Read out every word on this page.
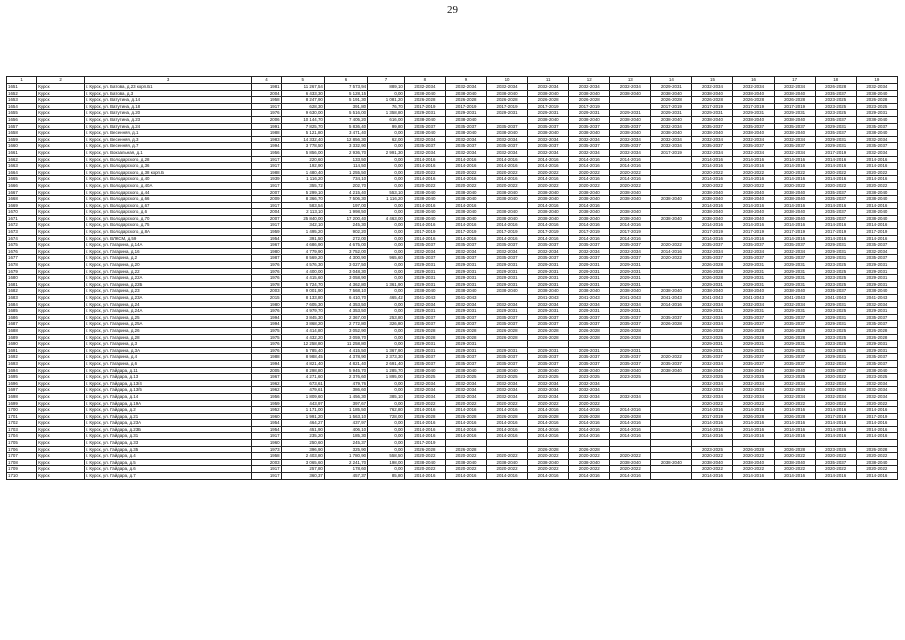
29
1	2	3	4	5	6	7	8	9	10	11	12	13	14	15	16	17	18	19
1651	Курск	г. Курск, ул. Батова, д.23 корп.Б1	1981	11 267,54	7 573,94	889,10	2032-2034	2032-2034	2032-2034	2032-2034	2032-2034	2032-2034	2029-2031	2032-2034	2032-2034	2032-2034	2026-2028	2032-2034
1652	Курск	г. Курск, ул. Батова, д.3	2004	6 433,30	5 128,15	0,00	2038-2040	2038-2040	2038-2040	2038-2040	2038-2040	2038-2040	2038-2040	2038-2040	2038-2040	2038-2040	2035-2037	2038-2040
1653	Курск	г. Курск, ул. Ватутина, д.14	1958	8 247,90	5 191,30	1 081,20	2026-2028	2026-2028	2026-2028	2026-2028	2026-2028		2026-2028	2026-2028	2026-2028	2026-2028	2023-2025	2026-2028
1654	Курск	г. Курск, ул. Ватутина, д.18	1917	628,30	391,80	76,70	2017-2019	2017-2019	2017-2019	2017-2019	2017-2019		2017-2019	2017-2019	2017-2019	2017-2019	2023-2025	2023-2025
1655	Курск	г. Курск, ул. Ватутина, д.20	1976	9 630,00	5 516,00	1 358,80	2029-2031	2029-2031	2029-2031	2029-2031	2029-2031	2029-2031	2029-2031	2029-2031	2029-2031	2029-2031	2023-2025	2029-2031
1656	Курск	г. Курск, ул. Ватутина, д.23	2006	10 144,70	7 405,20	616,00	2038-2040	2038-2040		2038-2040	2038-2040	2038-2040	2038-2040	2038-2040	2038-2040	2038-2040	2035-2037	2038-2040
1657	Курск	г. Курск, ул. Ватутина, д.24	1991	7 825,70	5 836,40	99,80	2035-2037	2035-2037	2035-2037	2035-2037	2035-2037	2035-2037	2032-2034	2035-2037	2035-2037	2035-2037	2029-2031	2035-2037
1658	Курск	г. Курск, ул. Весенняя, д.1	1988	5 121,80	3 471,40	0,00	2038-2040	2038-2040	2038-2040	2038-2040	2038-2040	2038-2040	2038-2040	2038-2040	2038-2040	2038-2040	2035-2037	2038-2040
1659	Курск	г. Курск, ул. Весенняя, д.3	1983	14 332,40	12 856,30	62,00	2032-2034	2032-2034	2032-2034	2032-2034	2032-2034	2032-2034	2032-2034	2032-2034	2032-2034	2032-2034	2029-2031	2032-2034
1660	Курск	г. Курск, ул. Весенняя, д.7	1994	3 778,50	3 332,90	0,00	2035-2037	2035-2037	2035-2037	2035-2037	2035-2037	2035-2037	2032-2034	2035-2037	2035-2037	2035-2037	2029-2031	2035-2037
1661	Курск	г. Курск, ул. Вокзальная, д.1	1956	5 856,00	2 936,70	2 991,30	2032-2034	2032-2034	2032-2034	2032-2034	2032-2034	2032-2034	2017-2019	2032-2034	2032-2034	2032-2034	2017-2019	2032-2034
1662	Курск	г. Курск, ул. Володарского, д.28	1917	220,60	133,50	0,00	2014-2016	2014-2016	2014-2016	2014-2016	2014-2016	2014-2016		2014-2016	2014-2016	2014-2016	2014-2016	2014-2016
1663	Курск	г. Курск, ул. Володарского, д.36	1917	192,90	114,50	0,00	2014-2016	2014-2016	2014-2016	2014-2016	2014-2016	2014-2016		2014-2016	2014-2016	2014-2016	2014-2016	2014-2016
1664	Курск	г. Курск, ул. Володарского, д.38 корп.Б	1988	1 480,40	1 255,50	0,00	2020-2022	2020-2022	2020-2022	2020-2022	2020-2022	2020-2022		2020-2022	2020-2022	2020-2022	2020-2022	2020-2022
1665	Курск	г. Курск, ул. Володарского, д.40	1939	1 116,20	734,10	0,00	2014-2016	2014-2016	2014-2016	2014-2016	2014-2016	2014-2016		2014-2016	2014-2016	2014-2016	2014-2016	2014-2016
1666	Курск	г. Курск, ул. Володарского, д.40А	1917	355,72	202,70	0,00	2020-2022	2020-2022	2020-2022	2020-2022	2020-2022	2020-2022		2020-2022	2020-2022	2020-2022	2020-2022	2020-2022
1667	Курск	г. Курск, ул. Володарского, д.44	2007	5 299,10	4 215,40	553,10	2038-2040	2038-2040	2038-2040	2038-2040	2038-2040	2038-2040		2038-2040	2038-2040	2038-2040	2035-2037	2038-2040
1668	Курск	г. Курск, ул. Володарского, д.66	2009	8 366,70	7 506,30	1 116,20	2038-2040	2038-2040	2038-2040	2038-2040	2038-2040	2038-2040	2038-2040	2038-2040	2038-2040	2038-2040	2035-2037	2038-2040
1669	Курск	г. Курск, ул. Володарского, д.67	1917	583,54	197,00	0,00	2014-2016	2014-2016		2014-2016	2014-2016			2014-2016	2014-2016	2014-2016	2014-2016	2014-2016
1670	Курск	г. Курск, ул. Володарского, д.6	2004	2 113,10	1 998,50	0,00	2038-2040	2038-2040	2038-2040	2038-2040	2038-2040	2038-2040		2038-2040	2038-2040	2038-2040	2035-2037	2038-2040
1671	Курск	г. Курск, ул. Володарского, д.70	2007	25 840,00	17 200,40	4 463,00	2038-2040	2038-2040	2038-2040	2038-2040	2038-2040	2038-2040	2038-2040	2038-2040	2038-2040	2038-2040	2035-2037	2038-2040
1672	Курск	г. Курск, ул. Володарского, д.75	1917	342,10	245,30	0,00	2014-2016	2014-2016	2014-2016	2014-2016	2014-2016	2014-2016		2014-2016	2014-2016	2014-2016	2014-2016	2014-2016
1673	Курск	г. Курск, ул. Володарского, д.8А	1959	1 495,20	902,20	0,00	2017-2019	2017-2019	2017-2019	2017-2019	2017-2019	2017-2019		2017-2019	2017-2019	2017-2019	2017-2019	2017-2019
1674	Курск	г. Курск, ул. ВЛКСМ, д.59	1954	391,50	272,00	0,00	2014-2016	2014-2016	2014-2016	2014-2016	2014-2016	2014-2016		2014-2016	2014-2016	2014-2016	2014-2016	2014-2016
1675	Курск	г. Курск, ул. Гагарина, д.14А	1967	4 686,90	4 675,00	0,00	2035-2037	2035-2037	2035-2037	2035-2037	2035-2037	2035-2037	2020-2022	2035-2037	2035-2037	2035-2037	2029-2031	2035-2037
1676	Курск	г. Курск, ул. Гагарина, д.16	1980	4 779,90	3 752,00	0,00	2032-2034	2032-2034	2032-2034	2032-2034	2032-2034	2032-2034	2014-2016	2032-2034	2032-2034	2032-2034	2029-2031	2032-2034
1677	Курск	г. Курск, ул. Гагарина, д.2	1987	8 569,20	4 300,90	965,60	2035-2037	2035-2037	2035-2037	2035-2037	2035-2037	2035-2037	2020-2022	2035-2037	2035-2037	2035-2037	2029-2031	2035-2037
1678	Курск	г. Курск, ул. Гагарина, д.20	1976	4 576,30	3 027,50	0,00	2029-2031	2029-2031	2029-2031	2029-2031	2029-2031	2029-2031		2026-2028	2029-2031	2029-2031	2023-2025	2029-2031
1679	Курск	г. Курск, ул. Гагарина, д.22	1976	4 400,00	3 048,30	0,00	2029-2031	2029-2031	2029-2031	2029-2031	2029-2031	2029-2031		2026-2028	2029-2031	2029-2031	2023-2025	2029-2031
1680	Курск	г. Курск, ул. Гагарина, д.22А	1976	4 415,60	3 058,90	0,00	2029-2031	2029-2031	2029-2031	2029-2031	2029-2031	2029-2031		2026-2028	2029-2031	2029-2031	2023-2025	2029-2031
1681	Курск	г. Курск, ул. Гагарина, д.22Б	1978	5 724,70	4 362,80	1 361,90	2029-2031	2029-2031	2029-2031	2029-2031	2029-2031	2029-2031		2029-2031	2029-2031	2029-2031	2023-2025	2029-2031
1682	Курск	г. Курск, ул. Гагарина, д.23	2003	9 001,90	7 568,10	0,00	2038-2040	2038-2040	2038-2040	2038-2040	2038-2040	2038-2040	2038-2040	2038-2040	2038-2040	2038-2040	2035-2037	2038-2040
1683	Курск	г. Курск, ул. Гагарина, д.23А	2015	8 133,80	6 410,70	465,42	2041-2043	2041-2043		2041-2043	2041-2043	2041-2043	2041-2043	2041-2043	2041-2043	2041-2043	2041-2043	2041-2043
1684	Курск	г. Курск, ул. Гагарина, д.24	1980	7 605,30	4 353,50	0,00	2032-2034	2032-2034	2032-2034	2032-2034	2032-2034	2032-2034	2014-2016	2032-2034	2032-2034	2032-2034	2029-2031	2032-2034
1685	Курск	г. Курск, ул. Гагарина, д.24А	1976	4 979,70	4 353,50	0,00	2029-2031	2029-2031	2029-2031	2029-2031	2029-2031	2029-2031		2029-2031	2029-2031	2029-2031	2023-2025	2029-2031
1686	Курск	г. Курск, ул. Гагарина, д.25	1994	3 845,30	2 367,00	253,80	2035-2037	2035-2037	2035-2037	2035-2037	2035-2037	2035-2037	2035-2037	2032-2034	2035-2037	2035-2037	2029-2031	2035-2037
1687	Курск	г. Курск, ул. Гагарина, д.25А	1994	3 868,20	2 772,80	326,80	2035-2037	2035-2037	2035-2037	2035-2037	2035-2037	2035-2037	2026-2028	2032-2034	2035-2037	2035-2037	2029-2031	2035-2037
1688	Курск	г. Курск, ул. Гагарина, д.26	1975	4 414,80	3 052,90	0,00	2026-2028	2026-2028	2026-2028	2026-2028	2026-2028	2026-2028		2026-2028	2026-2028	2026-2028	2023-2025	2026-2028
1689	Курск	г. Курск, ул. Гагарина, д.28	1975	4 432,20	3 059,70	0,00	2026-2028	2026-2028	2026-2028	2026-2028	2026-2028	2026-2028		2023-2025	2026-2028	2026-2028	2023-2025	2026-2028
1690	Курск	г. Курск, ул. Гагарина, д.3	1976	12 258,80	11 258,80	0,00	2029-2031	2029-2031						2029-2031	2029-2031	2029-2031	2023-2025	2029-2031
1691	Курск	г. Курск, ул. Гагарина, д.3А	1976	5 785,40	4 415,50	1 367,90	2029-2031	2029-2031	2029-2031	2029-2031	2029-2031	2029-2031		2029-2031	2029-2031	2029-2031	2023-2025	2029-2031
1692	Курск	г. Курск, ул. Гагарина, д.4	1988	8 988,45	4 378,90	2 373,30	2035-2037	2035-2037	2035-2037	2035-2037	2035-2037	2035-2037	2020-2022	2035-2037	2035-2037	2035-2037	2029-2031	2035-2037
1693	Курск	г. Курск, ул. Гагарина, д.6	1994	4 821,40	4 821,40	2 691,40	2035-2037	2035-2037	2035-2037	2035-2037	2035-2037	2035-2037	2035-2037	2032-2034	2035-2037	2035-2037	2032-2034	2035-2037
1694	Курск	г. Курск, ул. Гайдара, д.11	2005	8 298,80	5 945,70	1 285,70	2038-2040	2038-2040	2038-2040	2038-2040	2038-2040	2038-2040	2038-2040	2038-2040	2038-2040	2038-2040	2035-2037	2038-2040
1695	Курск	г. Курск, ул. Гайдара, д.13	1967	4 271,60	2 376,60	1 895,00	2023-2025	2023-2025	2023-2025	2023-2025	2023-2025	2023-2025		2023-2025	2023-2025	2023-2025	2020-2022	2023-2025
1696	Курск	г. Курск, ул. Гайдара, д.13/4	1962	673,61	479,76	0,00	2032-2034	2032-2034	2032-2034	2032-2034	2032-2034			2032-2034	2032-2034	2032-2034	2032-2034	2032-2034
1697	Курск	г. Курск, ул. Гайдара, д.13/5	1962	479,61	386,60	0,00	2032-2034	2032-2034	2032-2034	2032-2034	2032-2034			2032-2034	2032-2034	2032-2034	2032-2034	2032-2034
1698	Курск	г. Курск, ул. Гайдара, д.14	1956	1 809,60	1 456,30	385,10	2032-2034	2032-2034	2032-2034	2032-2034	2032-2034	2032-2034		2032-2034	2032-2034	2032-2034	2032-2034	2032-2034
1699	Курск	г. Курск, ул. Гайдара, д.19А	1959	443,97	397,67	0,00	2020-2022	2020-2022	2020-2022	2020-2022	2020-2022			2020-2022	2020-2022	2020-2022	2020-2022	2020-2022
1700	Курск	г. Курск, ул. Гайдара, д.2	1952	1 171,00	1 185,50	762,80	2014-2016	2014-2016	2014-2016	2014-2016	2014-2016	2014-2016		2014-2016	2014-2016	2014-2016	2014-2016	2014-2016
1701	Курск	г. Курск, ул. Гайдара, д.21	1960	1 991,20	1 563,10	728,00	2026-2028	2026-2028	2026-2028	2026-2028	2026-2028	2026-2028		2017-2019	2026-2028	2026-2028	2017-2019	2017-2019
1702	Курск	г. Курск, ул. Гайдара, д.23А	1954	464,27	437,97	0,00	2014-2016	2014-2016	2014-2016	2014-2016	2014-2016	2014-2016		2014-2016	2014-2016	2014-2016	2014-2016	2014-2016
1703	Курск	г. Курск, ул. Гайдара, д.23Б	1954	451,90	406,10	0,00	2014-2016	2014-2016	2014-2016	2014-2016	2014-2016	2014-2016		2014-2016	2014-2016	2014-2016	2014-2016	2014-2016
1704	Курск	г. Курск, ул. Гайдара, д.31	1917	235,20	185,30	0,00	2014-2016	2014-2016	2014-2016	2014-2016	2014-2016	2014-2016		2014-2016	2014-2016	2014-2016	2014-2016	2014-2016
1705	Курск	г. Курск, ул. Гайдара, д.33	1960	250,60	245,37	0,00	2017-2019											
1706	Курск	г. Курск, ул. Гайдара, д.35	1973	396,90	325,90	0,00	2026-2028	2026-2028		2026-2028	2026-2028			2023-2025	2026-2028	2026-2028	2023-2025	2026-2028
1707	Курск	г. Курск, ул. Гайдара, д.4	1958	2 403,80	1 780,90	558,50	2020-2022	2020-2022	2020-2022	2020-2022	2020-2022	2020-2022		2020-2022	2020-2022	2020-2022	2020-2022	2020-2022
1708	Курск	г. Курск, ул. Гайдара, д.5	2003	3 065,60	2 241,70	198,00	2038-2040	2038-2040	2038-2040	2038-2040	2038-2040	2038-2040	2038-2040	2038-2040	2038-2040	2038-2040	2035-2037	2038-2040
1709	Курск	г. Курск, ул. Гайдара, д.6	1917	257,80	178,60	0,00	2020-2022	2020-2022	2020-2022	2020-2022	2020-2022	2020-2022		2020-2022	2020-2022	2020-2022	2020-2022	2020-2022
1710	Курск	г. Курск, ул. Гайдара, д.7	1917	360,37	457,37	85,80	2014-2016	2014-2016	2014-2016	2014-2016	2014-2016	2014-2016		2014-2016	2014-2016	2014-2016	2014-2016	2014-2016
